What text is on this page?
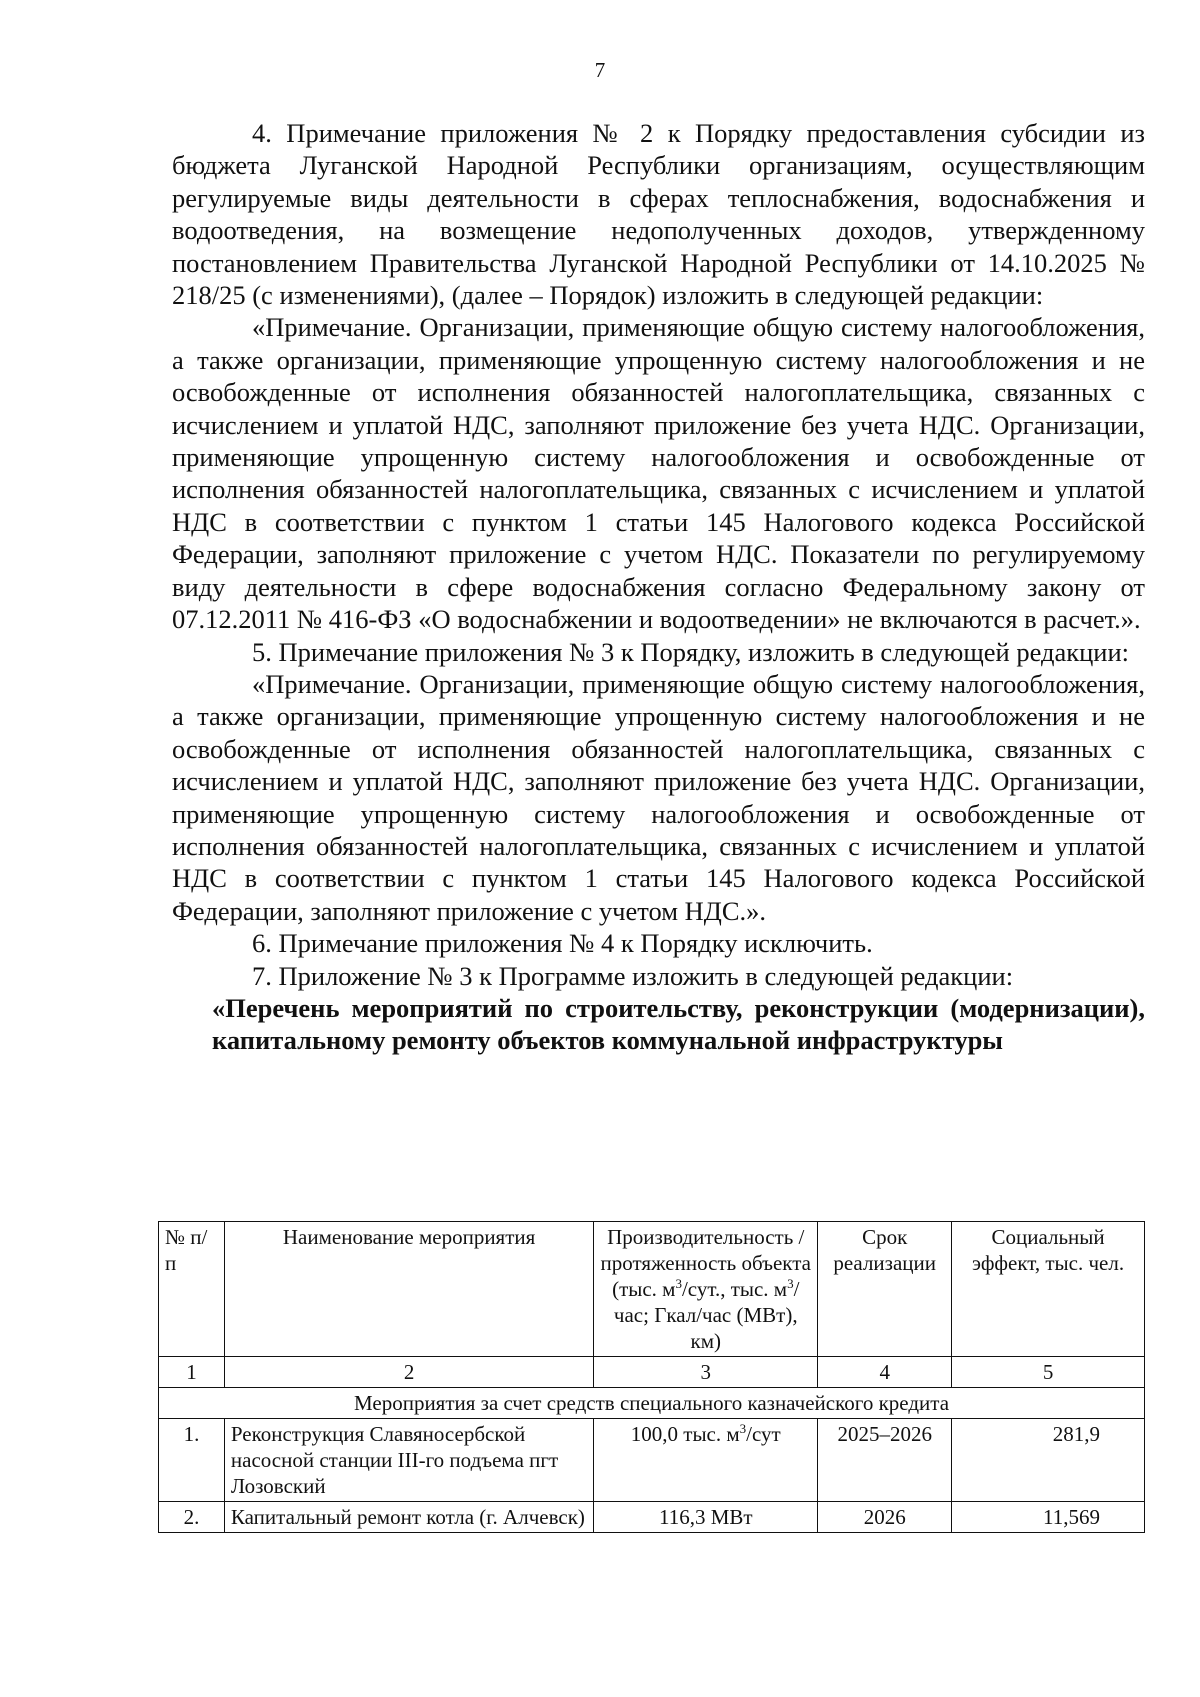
7

4. Примечание приложения № 2 к Порядку предоставления субсидии из бюджета Луганской Народной Республики организациям, осуществляющим регулируемые виды деятельности в сферах теплоснабжения, водоснабжения и водоотведения, на возмещение недополученных доходов, утвержденному постановлением Правительства Луганской Народной Республики от 14.10.2025 № 218/25 (с изменениями), (далее – Порядок) изложить в следующей редакции:

«Примечание. Организации, применяющие общую систему налогообложения, а также организации, применяющие упрощенную систему налогообложения и не освобожденные от исполнения обязанностей налогоплательщика, связанных с исчислением и уплатой НДС, заполняют приложение без учета НДС. Организации, применяющие упрощенную систему налогообложения и освобожденные от исполнения обязанностей налогоплательщика, связанных с исчислением и уплатой НДС в соответствии с пунктом 1 статьи 145 Налогового кодекса Российской Федерации, заполняют приложение с учетом НДС. Показатели по регулируемому виду деятельности в сфере водоснабжения согласно Федеральному закону от 07.12.2011 № 416-ФЗ «О водоснабжении и водоотведении» не включаются в расчет.».

5. Примечание приложения № 3 к Порядку, изложить в следующей редакции:

«Примечание. Организации, применяющие общую систему налогообложения, а также организации, применяющие упрощенную систему налогообложения и не освобожденные от исполнения обязанностей налогоплательщика, связанных с исчислением и уплатой НДС, заполняют приложение без учета НДС. Организации, применяющие упрощенную систему налогообложения и освобожденные от исполнения обязанностей налогоплательщика, связанных с исчислением и уплатой НДС в соответствии с пунктом 1 статьи 145 Налогового кодекса Российской Федерации, заполняют приложение с учетом НДС.».

6. Примечание приложения № 4 к Порядку исключить.

7. Приложение № 3 к Программе изложить в следующей редакции:

«Перечень мероприятий по строительству, реконструкции (модернизации), капитальному ремонту объектов коммунальной инфраструктуры

№ п/п	Наименование мероприятия	Производительность / протяженность объекта (тыс. $м^3$/сут., тыс. $м^3$/час; Гкал/час (МВт), км)	Срок реализации	Социальный эффект, тыс. чел.
1	2	3	4	5
Мероприятия за счет средств специального казначейского кредита				
1.	Реконструкция Славяносербской насосной станции III-го подъема пгт Лозовский	100,0 тыс. $м^3$/сут	2025–2026	281,9
2.	Капитальный ремонт котла (г. Алчевск)	116,3 МВт	2026	11,569
